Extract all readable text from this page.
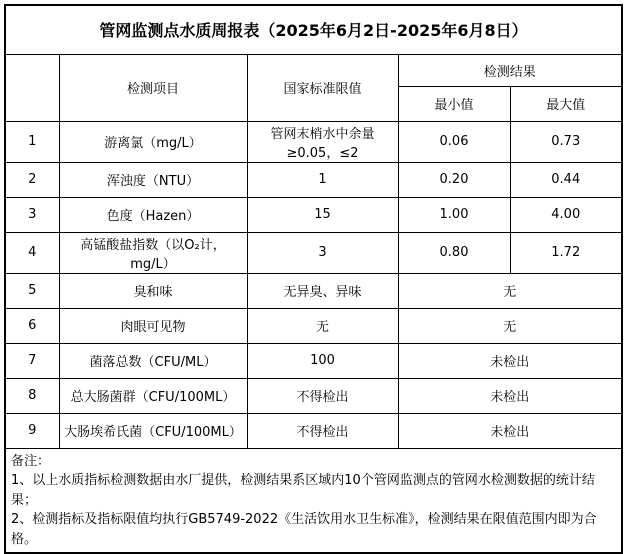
管网监测点水质周报表（2025年6月2日-2025年6月8日）				
	检测项目	国家标准限值	检测结果	
			最小值	最大值
1	游离氯（mg/L）	管网末梢水中余量≥0.05，≤2	0.06	0.73
2	浑浊度（NTU）	1	0.20	0.44
3	色度（Hazen）	15	1.00	4.00
4	高锰酸盐指数（以O₂计，mg/L）	3	0.80	1.72
5	臭和味	无异臭、异味	无	
6	肉眼可见物	无	无	
7	菌落总数（CFU/ML）	100	未检出	
8	总大肠菌群（CFU/100ML）	不得检出	未检出	
9	大肠埃希氏菌（CFU/100ML）	不得检出	未检出	

备注：
1、以上水质指标检测数据由水厂提供，检测结果系区域内10个管网监测点的管网水检测数据的统计结果；
2、检测指标及指标限值均执行GB5749-2022《生活饮用水卫生标准》，检测结果在限值范围内即为合格。				
